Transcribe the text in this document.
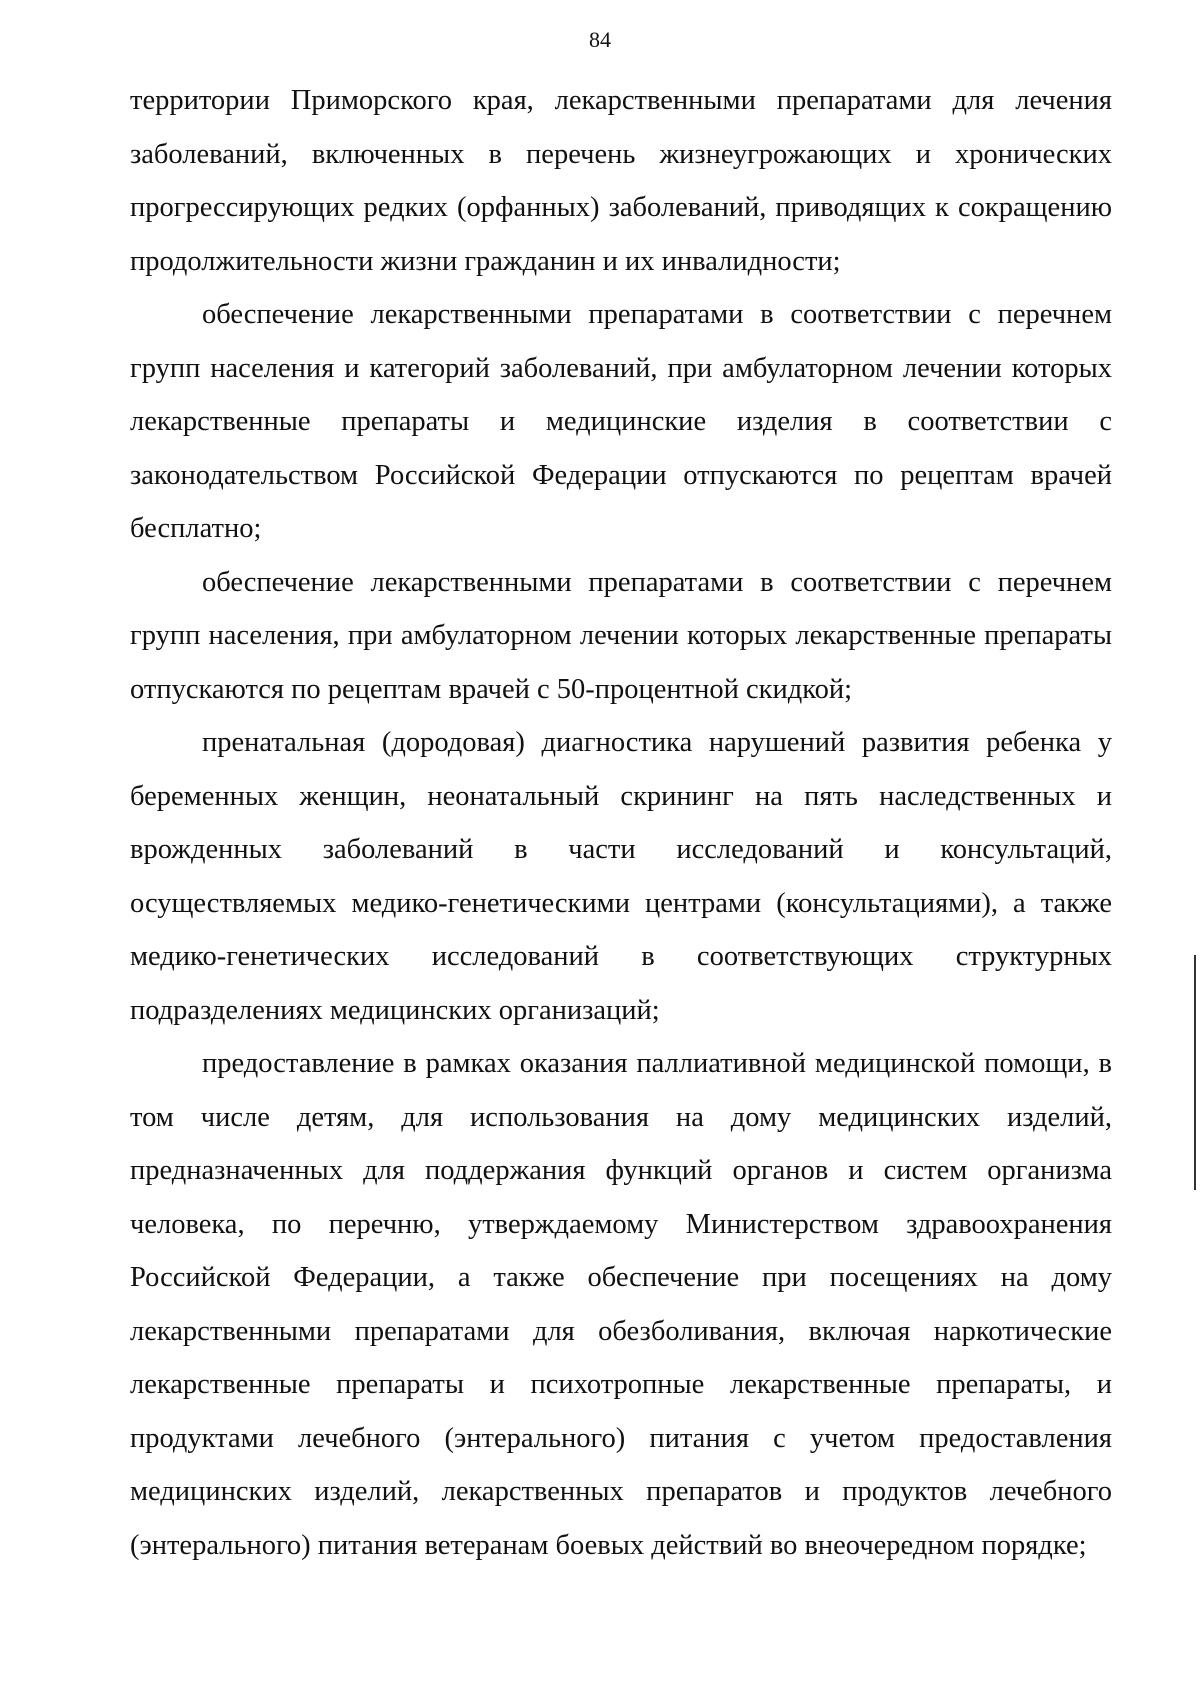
84

территории Приморского края, лекарственными препаратами для лечения заболеваний, включенных в перечень жизнеугрожающих и хронических прогрессирующих редких (орфанных) заболеваний, приводящих к сокращению продолжительности жизни гражданин и их инвалидности;

обеспечение лекарственными препаратами в соответствии с перечнем групп населения и категорий заболеваний, при амбулаторном лечении которых лекарственные препараты и медицинские изделия в соответствии с законодательством Российской Федерации отпускаются по рецептам врачей бесплатно;

обеспечение лекарственными препаратами в соответствии с перечнем групп населения, при амбулаторном лечении которых лекарственные препараты отпускаются по рецептам врачей с 50-процентной скидкой;

пренатальная (дородовая) диагностика нарушений развития ребенка у беременных женщин, неонатальный скрининг на пять наследственных и врожденных заболеваний в части исследований и консультаций, осуществляемых медико-генетическими центрами (консультациями), а также медико-генетических исследований в соответствующих структурных подразделениях медицинских организаций;

предоставление в рамках оказания паллиативной медицинской помощи, в том числе детям, для использования на дому медицинских изделий, предназначенных для поддержания функций органов и систем организма человека, по перечню, утверждаемому Министерством здравоохранения Российской Федерации, а также обеспечение при посещениях на дому лекарственными препаратами для обезболивания, включая наркотические лекарственные препараты и психотропные лекарственные препараты, и продуктами лечебного (энтерального) питания с учетом предоставления медицинских изделий, лекарственных препаратов и продуктов лечебного (энтерального) питания ветеранам боевых действий во внеочередном порядке;
